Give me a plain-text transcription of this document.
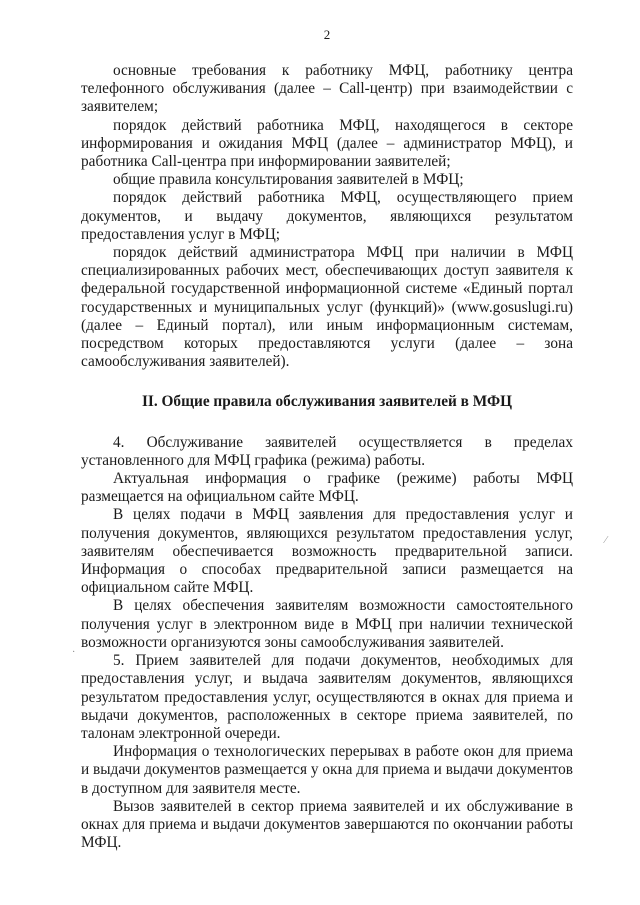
2

основные требования к работнику МФЦ, работнику центра телефонного обслуживания (далее – Call-центр) при взаимодействии с заявителем;

порядок действий работника МФЦ, находящегося в секторе информирования и ожидания МФЦ (далее – администратор МФЦ), и работника Call-центра при информировании заявителей;

общие правила консультирования заявителей в МФЦ;

порядок действий работника МФЦ, осуществляющего прием документов, и выдачу документов, являющихся результатом предоставления услуг в МФЦ;

порядок действий администратора МФЦ при наличии в МФЦ специализированных рабочих мест, обеспечивающих доступ заявителя к федеральной государственной информационной системе «Единый портал государственных и муниципальных услуг (функций)» (www.gosuslugi.ru) (далее – Единый портал), или иным информационным системам, посредством которых предоставляются услуги (далее – зона самообслуживания заявителей).

II. Общие правила обслуживания заявителей в МФЦ

4. Обслуживание заявителей осуществляется в пределах установленного для МФЦ графика (режима) работы.

Актуальная информация о графике (режиме) работы МФЦ размещается на официальном сайте МФЦ.

В целях подачи в МФЦ заявления для предоставления услуг и получения документов, являющихся результатом предоставления услуг, заявителям обеспечивается возможность предварительной записи. Информация о способах предварительной записи размещается на официальном сайте МФЦ.

В целях обеспечения заявителям возможности самостоятельного получения услуг в электронном виде в МФЦ при наличии технической возможности организуются зоны самообслуживания заявителей.

5. Прием заявителей для подачи документов, необходимых для предоставления услуг, и выдача заявителям документов, являющихся результатом предоставления услуг, осуществляются в окнах для приема и выдачи документов, расположенных в секторе приема заявителей, по талонам электронной очереди.

Информация о технологических перерывах в работе окон для приема и выдачи документов размещается у окна для приема и выдачи документов в доступном для заявителя месте.

Вызов заявителей в сектор приема заявителей и их обслуживание в окнах для приема и выдачи документов завершаются по окончании работы МФЦ.

⁄
·
